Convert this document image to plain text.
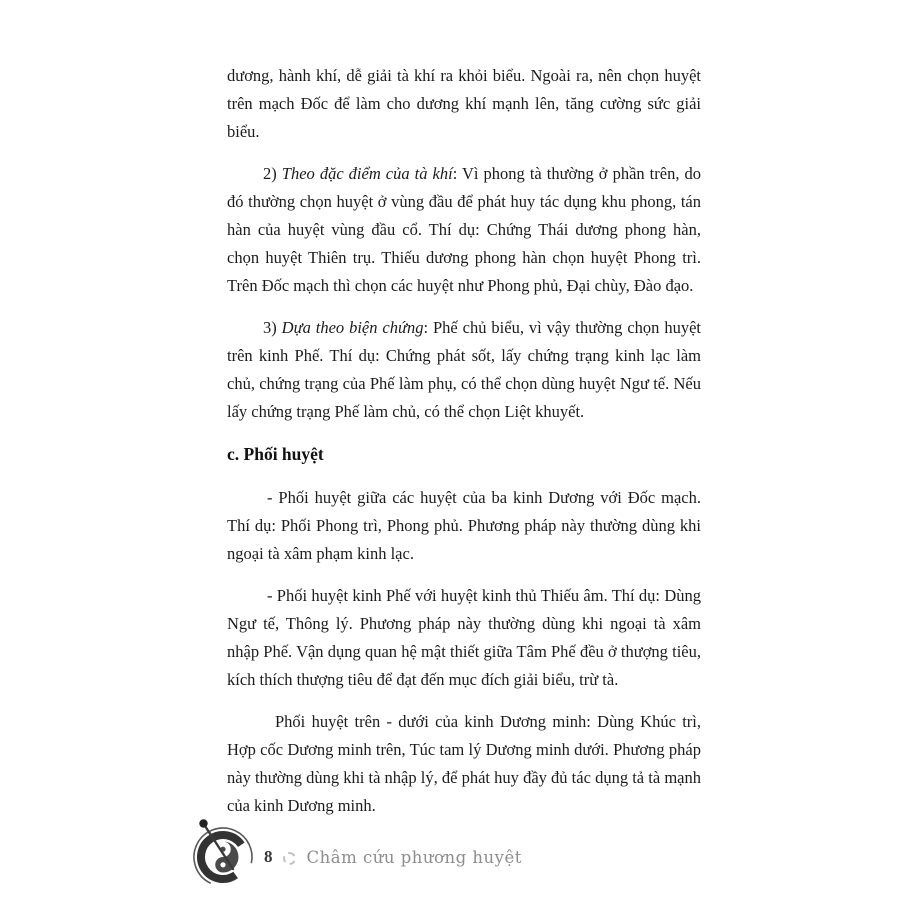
dương, hành khí, dễ giải tà khí ra khỏi biểu. Ngoài ra, nên chọn huyệt trên mạch Đốc để làm cho dương khí mạnh lên, tăng cường sức giải biểu.

2) Theo đặc điểm của tà khí: Vì phong tà thường ở phần trên, do đó thường chọn huyệt ở vùng đầu để phát huy tác dụng khu phong, tán hàn của huyệt vùng đầu cổ. Thí dụ: Chứng Thái dương phong hàn, chọn huyệt Thiên trụ. Thiếu dương phong hàn chọn huyệt Phong trì. Trên Đốc mạch thì chọn các huyệt như Phong phủ, Đại chùy, Đào đạo.

3) Dựa theo biện chứng: Phế chủ biểu, vì vậy thường chọn huyệt trên kinh Phế. Thí dụ: Chứng phát sốt, lấy chứng trạng kinh lạc làm chủ, chứng trạng của Phế làm phụ, có thể chọn dùng huyệt Ngư tế. Nếu lấy chứng trạng Phế làm chủ, có thể chọn Liệt khuyết.

c. Phối huyệt

- Phối huyệt giữa các huyệt của ba kinh Dương với Đốc mạch. Thí dụ: Phối Phong trì, Phong phủ. Phương pháp này thường dùng khi ngoại tà xâm phạm kinh lạc.

- Phối huyệt kinh Phế với huyệt kinh thủ Thiếu âm. Thí dụ: Dùng Ngư tế, Thông lý. Phương pháp này thường dùng khi ngoại tà xâm nhập Phế. Vận dụng quan hệ mật thiết giữa Tâm Phế đều ở thượng tiêu, kích thích thượng tiêu để đạt đến mục đích giải biểu, trừ tà.

Phối huyệt trên - dưới của kinh Dương minh: Dùng Khúc trì, Hợp cốc Dương minh trên, Túc tam lý Dương minh dưới. Phương pháp này thường dùng khi tà nhập lý, để phát huy đầy đủ tác dụng tả tà mạnh của kinh Dương minh.

8 Châm cứu phương huyệt
